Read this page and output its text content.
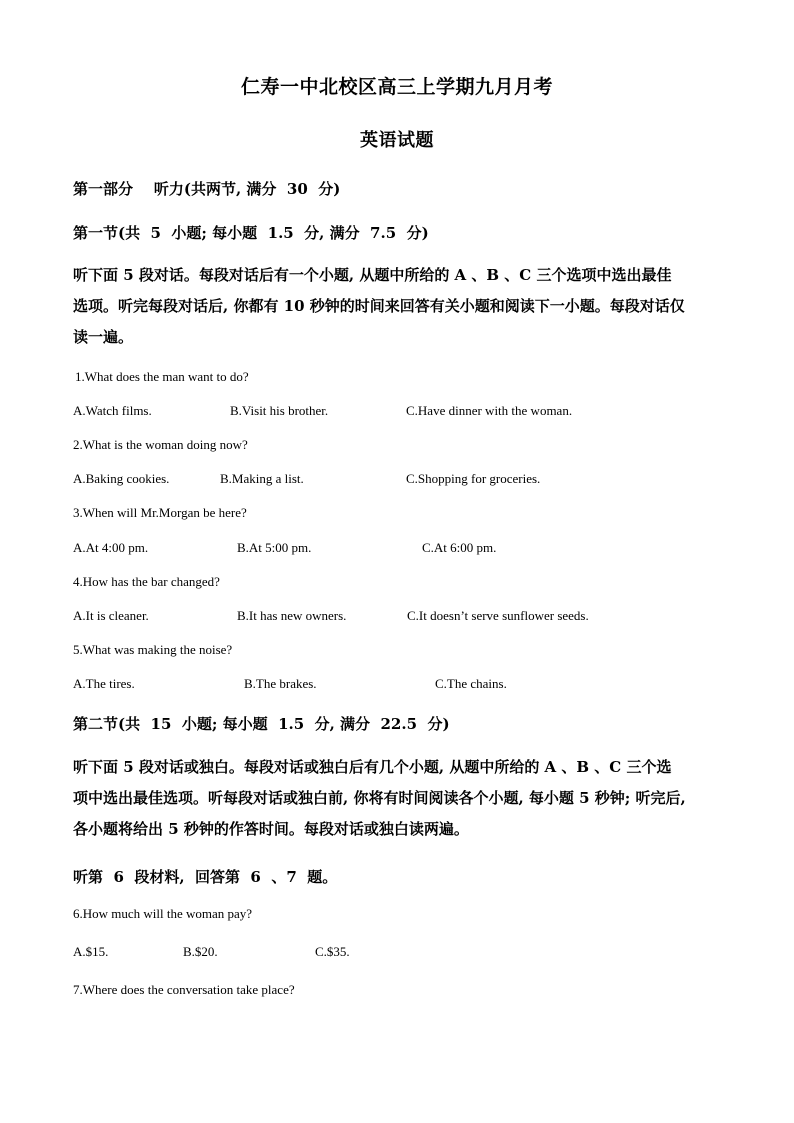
仁寿一中北校区高三上学期九月月考
英语试题
第一部分    听力(共两节, 满分  30  分)
第一节(共  5  小题; 每小题  1.5  分, 满分  7.5  分)
听下面 5 段对话。每段对话后有一个小题, 从题中所给的 A 、B 、C 三个选项中选出最佳
选项。听完每段对话后, 你都有 10 秒钟的时间来回答有关小题和阅读下一小题。每段对话仅
读一遍。
1.What does the man want to do?
A.Watch films.	B.Visit his brother.	C.Have dinner with the woman.
2.What is the woman doing now?
A.Baking cookies.	B.Making a list.	C.Shopping for groceries.
3.When will Mr.Morgan be here?
A.At 4:00 pm.	B.At 5:00 pm.	C.At 6:00 pm.
4.How has the bar changed?
A.It is cleaner.	B.It has new owners.	C.It doesn’t serve sunflower seeds.
5.What was making the noise?
A.The tires.	B.The brakes.	C.The chains.
第二节(共  15  小题; 每小题  1.5  分, 满分  22.5  分)
听下面 5 段对话或独白。每段对话或独白后有几个小题, 从题中所给的 A 、B 、C 三个选
项中选出最佳选项。听每段对话或独白前, 你将有时间阅读各个小题, 每小题 5 秒钟; 听完后,
各小题将给出 5 秒钟的作答时间。每段对话或独白读两遍。
听第  6  段材料,  回答第  6  、7  题。
6.How much will the woman pay?
A.$15.	B.$20.	C.$35.
7.Where does the conversation take place?
